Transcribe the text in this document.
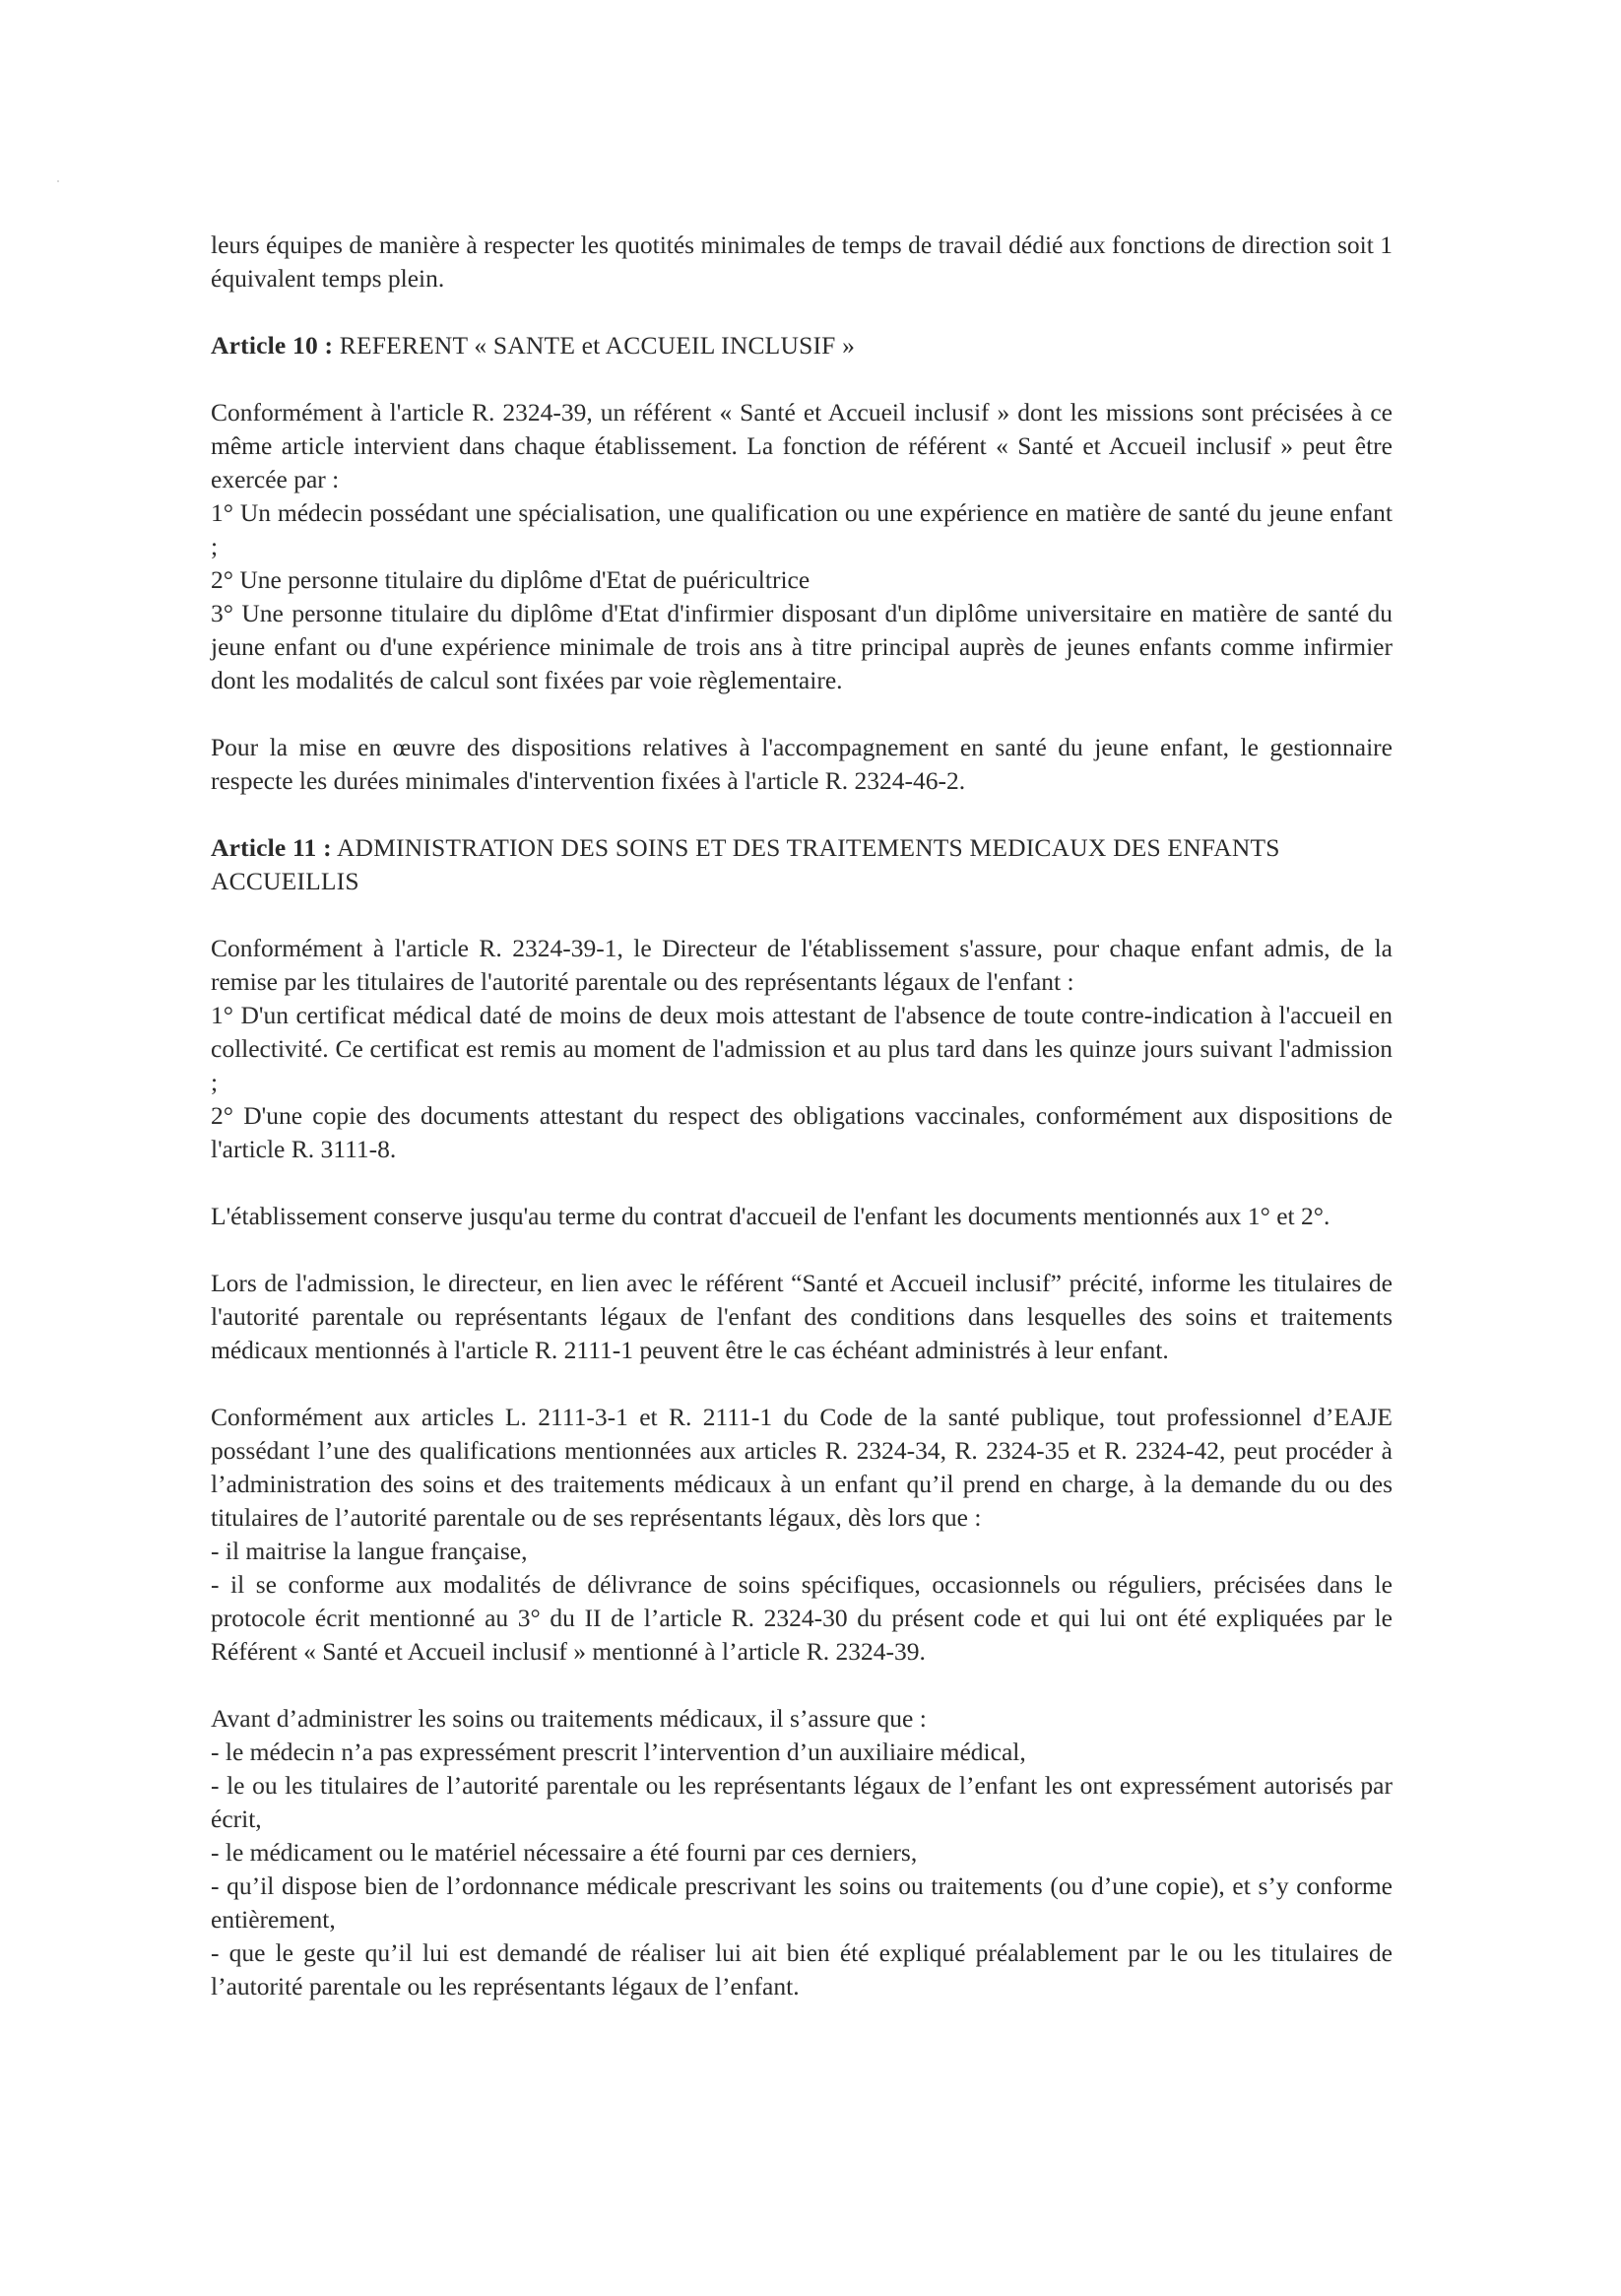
leurs équipes de manière à respecter les quotités minimales de temps de travail dédié aux fonctions de direction soit 1 équivalent temps plein.

Article 10 : REFERENT « SANTE et ACCUEIL INCLUSIF »

Conformément à l'article R. 2324-39, un référent « Santé et Accueil inclusif » dont les missions sont précisées à ce même article intervient dans chaque établissement. La fonction de référent « Santé et Accueil inclusif » peut être exercée par :

1° Un médecin possédant une spécialisation, une qualification ou une expérience en matière de santé du jeune enfant ;

2° Une personne titulaire du diplôme d'Etat de puéricultrice

3° Une personne titulaire du diplôme d'Etat d'infirmier disposant d'un diplôme universitaire en matière de santé du jeune enfant ou d'une expérience minimale de trois ans à titre principal auprès de jeunes enfants comme infirmier dont les modalités de calcul sont fixées par voie règlementaire.

Pour la mise en œuvre des dispositions relatives à l'accompagnement en santé du jeune enfant, le gestionnaire respecte les durées minimales d'intervention fixées à l'article R. 2324-46-2.

Article 11 : ADMINISTRATION DES SOINS ET DES TRAITEMENTS MEDICAUX DES ENFANTS ACCUEILLIS

Conformément à l'article R. 2324-39-1, le Directeur de l'établissement s'assure, pour chaque enfant admis, de la remise par les titulaires de l'autorité parentale ou des représentants légaux de l'enfant :

1° D'un certificat médical daté de moins de deux mois attestant de l'absence de toute contre-indication à l'accueil en collectivité. Ce certificat est remis au moment de l'admission et au plus tard dans les quinze jours suivant l'admission ;

2° D'une copie des documents attestant du respect des obligations vaccinales, conformément aux dispositions de l'article R. 3111-8.

L'établissement conserve jusqu'au terme du contrat d'accueil de l'enfant les documents mentionnés aux 1° et 2°.

Lors de l'admission, le directeur, en lien avec le référent “Santé et Accueil inclusif” précité, informe les titulaires de l'autorité parentale ou représentants légaux de l'enfant des conditions dans lesquelles des soins et traitements médicaux mentionnés à l'article R. 2111-1 peuvent être le cas échéant administrés à leur enfant.

Conformément aux articles L. 2111-3-1 et R. 2111-1 du Code de la santé publique, tout professionnel d’EAJE possédant l’une des qualifications mentionnées aux articles R. 2324-34, R. 2324-35 et R. 2324-42, peut procéder à l’administration des soins et des traitements médicaux à un enfant qu’il prend en charge, à la demande du ou des titulaires de l’autorité parentale ou de ses représentants légaux, dès lors que :

- il maitrise la langue française,

- il se conforme aux modalités de délivrance de soins spécifiques, occasionnels ou réguliers, précisées dans le protocole écrit mentionné au 3° du II de l’article R. 2324-30 du présent code et qui lui ont été expliquées par le Référent « Santé et Accueil inclusif » mentionné à l’article R. 2324-39.

Avant d’administrer les soins ou traitements médicaux, il s’assure que :

- le médecin n’a pas expressément prescrit l’intervention d’un auxiliaire médical,

- le ou les titulaires de l’autorité parentale ou les représentants légaux de l’enfant les ont expressément autorisés par écrit,

- le médicament ou le matériel nécessaire a été fourni par ces derniers,

- qu’il dispose bien de l’ordonnance médicale prescrivant les soins ou traitements (ou d’une copie), et s’y conforme entièrement,

- que le geste qu’il lui est demandé de réaliser lui ait bien été expliqué préalablement par le ou les titulaires de l’autorité parentale ou les représentants légaux de l’enfant.
